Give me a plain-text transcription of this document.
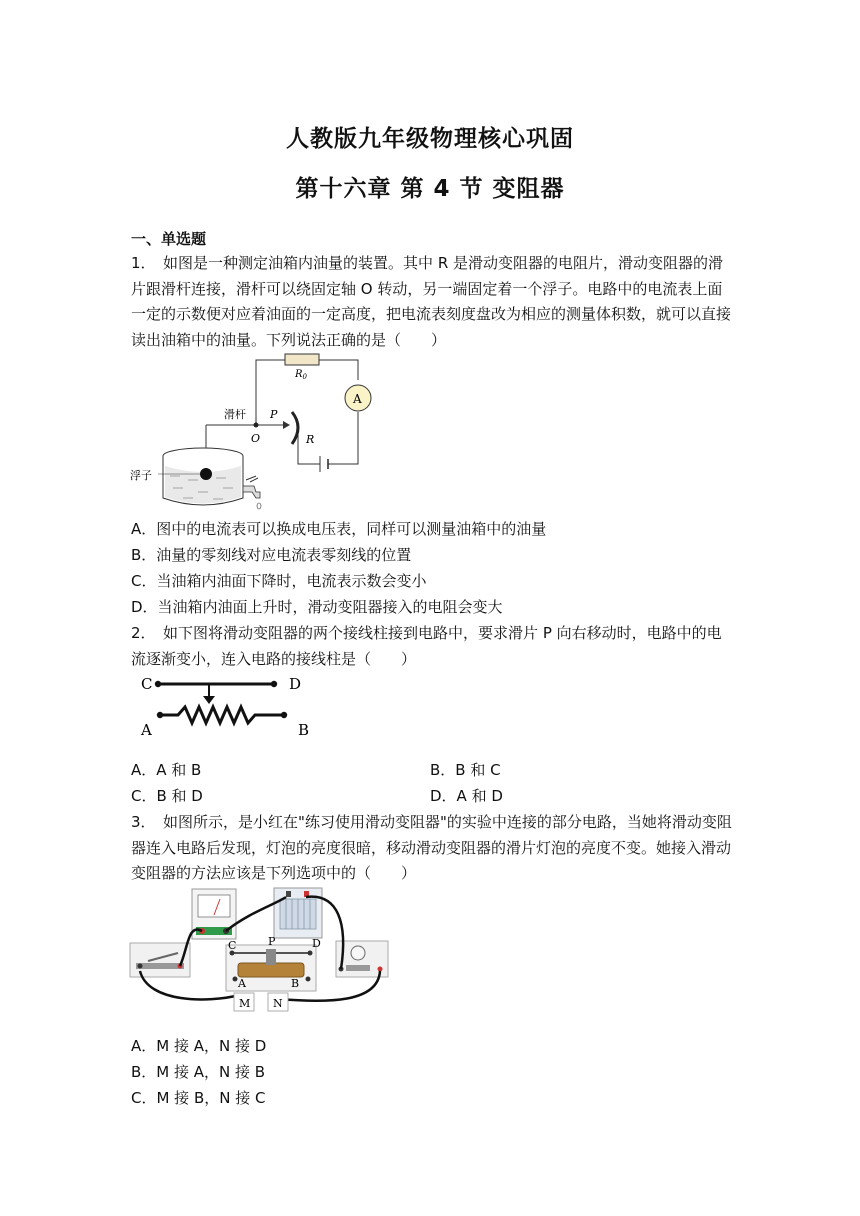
人教版九年级物理核心巩固
第十六章 第 4 节 变阻器
一、单选题
1．　如图是一种测定油箱内油量的装置。其中 R 是滑动变阻器的电阻片，滑动变阻器的滑片跟滑杆连接，滑杆可以绕固定轴 O 转动，另一端固定着一个浮子。电路中的电流表上面一定的示数便对应着油面的一定高度，把电流表刻度盘改为相应的测量体积数，就可以直接读出油箱中的油量。下列说法正确的是（　　）
$R_0$
A
滑杆 P
O	R
浮子
A．图中的电流表可以换成电压表，同样可以测量油箱中的油量
B．油量的零刻线对应电流表零刻线的位置
C．当油箱内油面下降时，电流表示数会变小
D．当油箱内油面上升时，滑动变阻器接入的电阻会变大
2．　如下图将滑动变阻器的两个接线柱接到电路中，要求滑片 P 向右移动时，电路中的电流逐渐变小，连入电路的接线柱是（　　）
C	D
A	B
A．A 和 B	B．B 和 C
C．B 和 D	D．A 和 D
3．　如图所示，是小红在"练习使用滑动变阻器"的实验中连接的部分电路，当她将滑动变阻器连入电路后发现，灯泡的亮度很暗，移动滑动变阻器的滑片灯泡的亮度不变。她接入滑动变阻器的方法应该是下列选项中的（　　）
C	P	D
A	B
M N
A．M 接 A，N 接 D
B．M 接 A，N 接 B
C．M 接 B，N 接 C
